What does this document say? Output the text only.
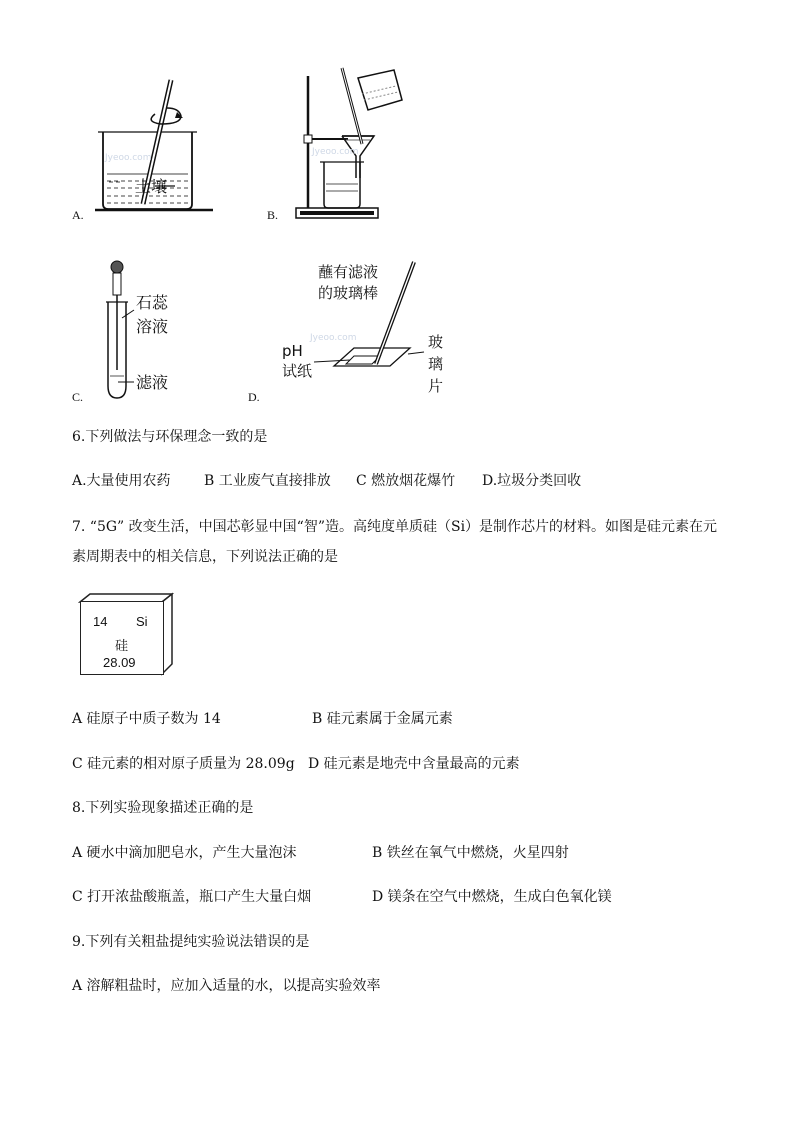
Jyeoo.com
土壤
A.
Jyeoo.com
B.
石蕊
溶液
滤液
C.
Jyeoo.com
蘸有滤液
的玻璃棒
pH
试纸
玻
璃
片
D.
6.下列做法与环保理念一致的是
A.大量使用农药 B 工业废气直接排放 C 燃放烟花爆竹 D.垃圾分类回收
7. “5G” 改变生活，中国芯彰显中国“智”造。高纯度单质硅（Si）是制作芯片的材料。如图是硅元素在元
素周期表中的相关信息，下列说法正确的是
14 Si
硅
28.09
A 硅原子中质子数为 14	B 硅元素属于金属元素
C 硅元素的相对原子质量为 28.09g D 硅元素是地壳中含量最高的元素
8.下列实验现象描述正确的是
A 硬水中滴加肥皂水，产生大量泡沫	B 铁丝在氧气中燃烧，火星四射
C 打开浓盐酸瓶盖，瓶口产生大量白烟	D 镁条在空气中燃烧，生成白色氧化镁
9.下列有关粗盐提纯实验说法错误的是
A 溶解粗盐时，应加入适量的水，以提高实验效率
